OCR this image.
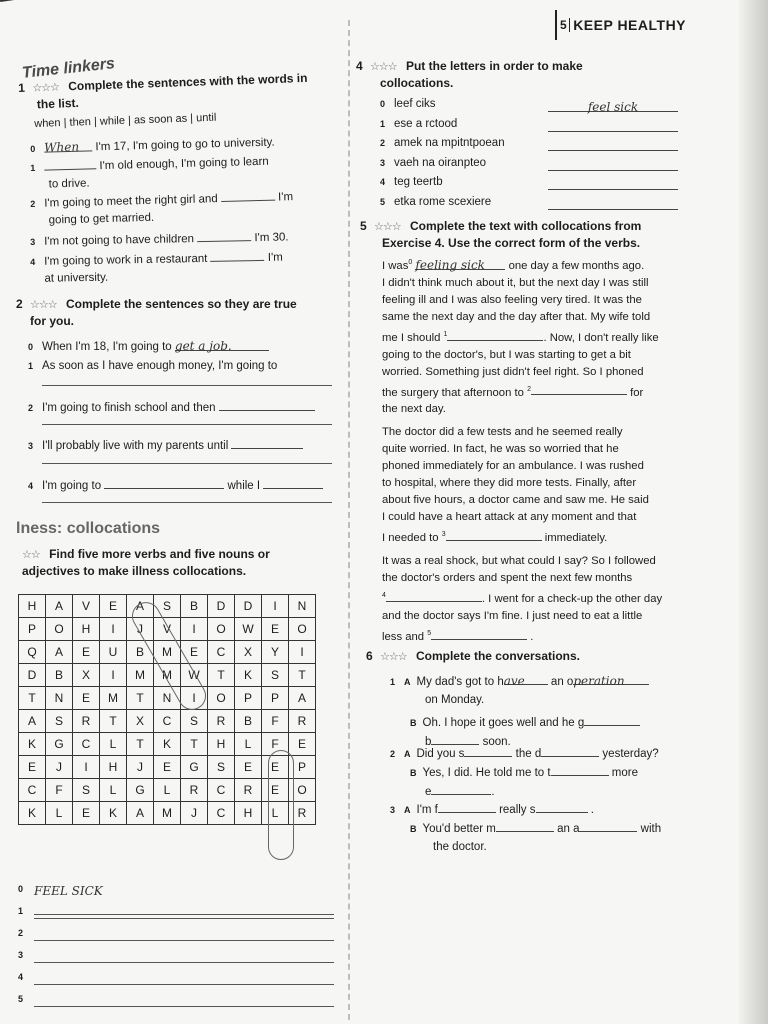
5 KEEP HEALTHY
Time linkers
1 ☆☆☆ Complete the sentences with the words in
the list.
when | then | while | as soon as | until
0 When I'm 17, I'm going to go to university.
1	I'm old enough, I'm going to learn
to drive.
2 I'm going to meet the right girl and	I'm
going to get married.
3 I'm not going to have children	I'm 30.
4 I'm going to work in a restaurant	I'm
at university.
2 ☆☆☆ Complete the sentences so they are true
for you.
0 When I'm 18, I'm going to get a job.
1 As soon as I have enough money, I'm going to
2 I'm going to finish school and then
3 I'll probably live with my parents until
4 I'm going to	while I
lness: collocations
☆☆ Find five more verbs and five nouns or
adjectives to make illness collocations.
H	A	V	E	A	S	B	D	D	I	N
P	O	H	I	J	V	I	O	W	E	O
Q	A	E	U	B	M	E	C	X	Y	I
D	B	X	I	M	M	W	T	K	S	T
T	N	E	M	T	N	I	O	P	P	A
A	S	R	T	X	C	S	R	B	F	R
K	G	C	L	T	K	T	H	L	F	E
E	J	I	H	J	E	G	S	E	E	P
C	F	S	L	G	L	R	C	R	E	O
K	L	E	K	A	M	J	C	H	L	R
0 $^{FEEL SICK}$
1
2
3
4
5
4 ☆☆☆ Put the letters in order to make
collocations.
0 leef ciks	feel sick
1 ese a rctood
2 amek na mpitntpoean
3 vaeh na oiranpteo
4 teg teertb
5 etka rome scexiere
5 ☆☆☆ Complete the text with collocations from
Exercise 4. Use the correct form of the verbs.
I was$^0$ feeling sick one day a few months ago.
I didn't think much about it, but the next day I was still
feeling ill and I was also feeling very tired. It was the
same the next day and the day after that. My wife told
me I should $^1$	. Now, I don't really like
going to the doctor's, but I was starting to get a bit
worried. Something just didn't feel right. So I phoned
the surgery that afternoon to $^2$	for
the next day.
The doctor did a few tests and he seemed really
quite worried. In fact, he was so worried that he
phoned immediately for an ambulance. I was rushed
to hospital, where they did more tests. Finally, after
about five hours, a doctor came and saw me. He said
I could have a heart attack at any moment and that
I needed to $^3$	immediately.
It was a real shock, but what could I say? So I followed
the doctor's orders and spent the next few months
$^4$	. I went for a check-up the other day
and the doctor says I'm fine. I just need to eat a little
less and $^5$	.
6 ☆☆☆ Complete the conversations.
1 A My dad's got to have an operation
on Monday.
B Oh. I hope it goes well and he g
b	soon.
2 A Did you s	the d	yesterday?
B Yes, I did. He told me to t	more
e	.
3 A I'm f	really s	.
B You'd better m	an a	with
the doctor.
